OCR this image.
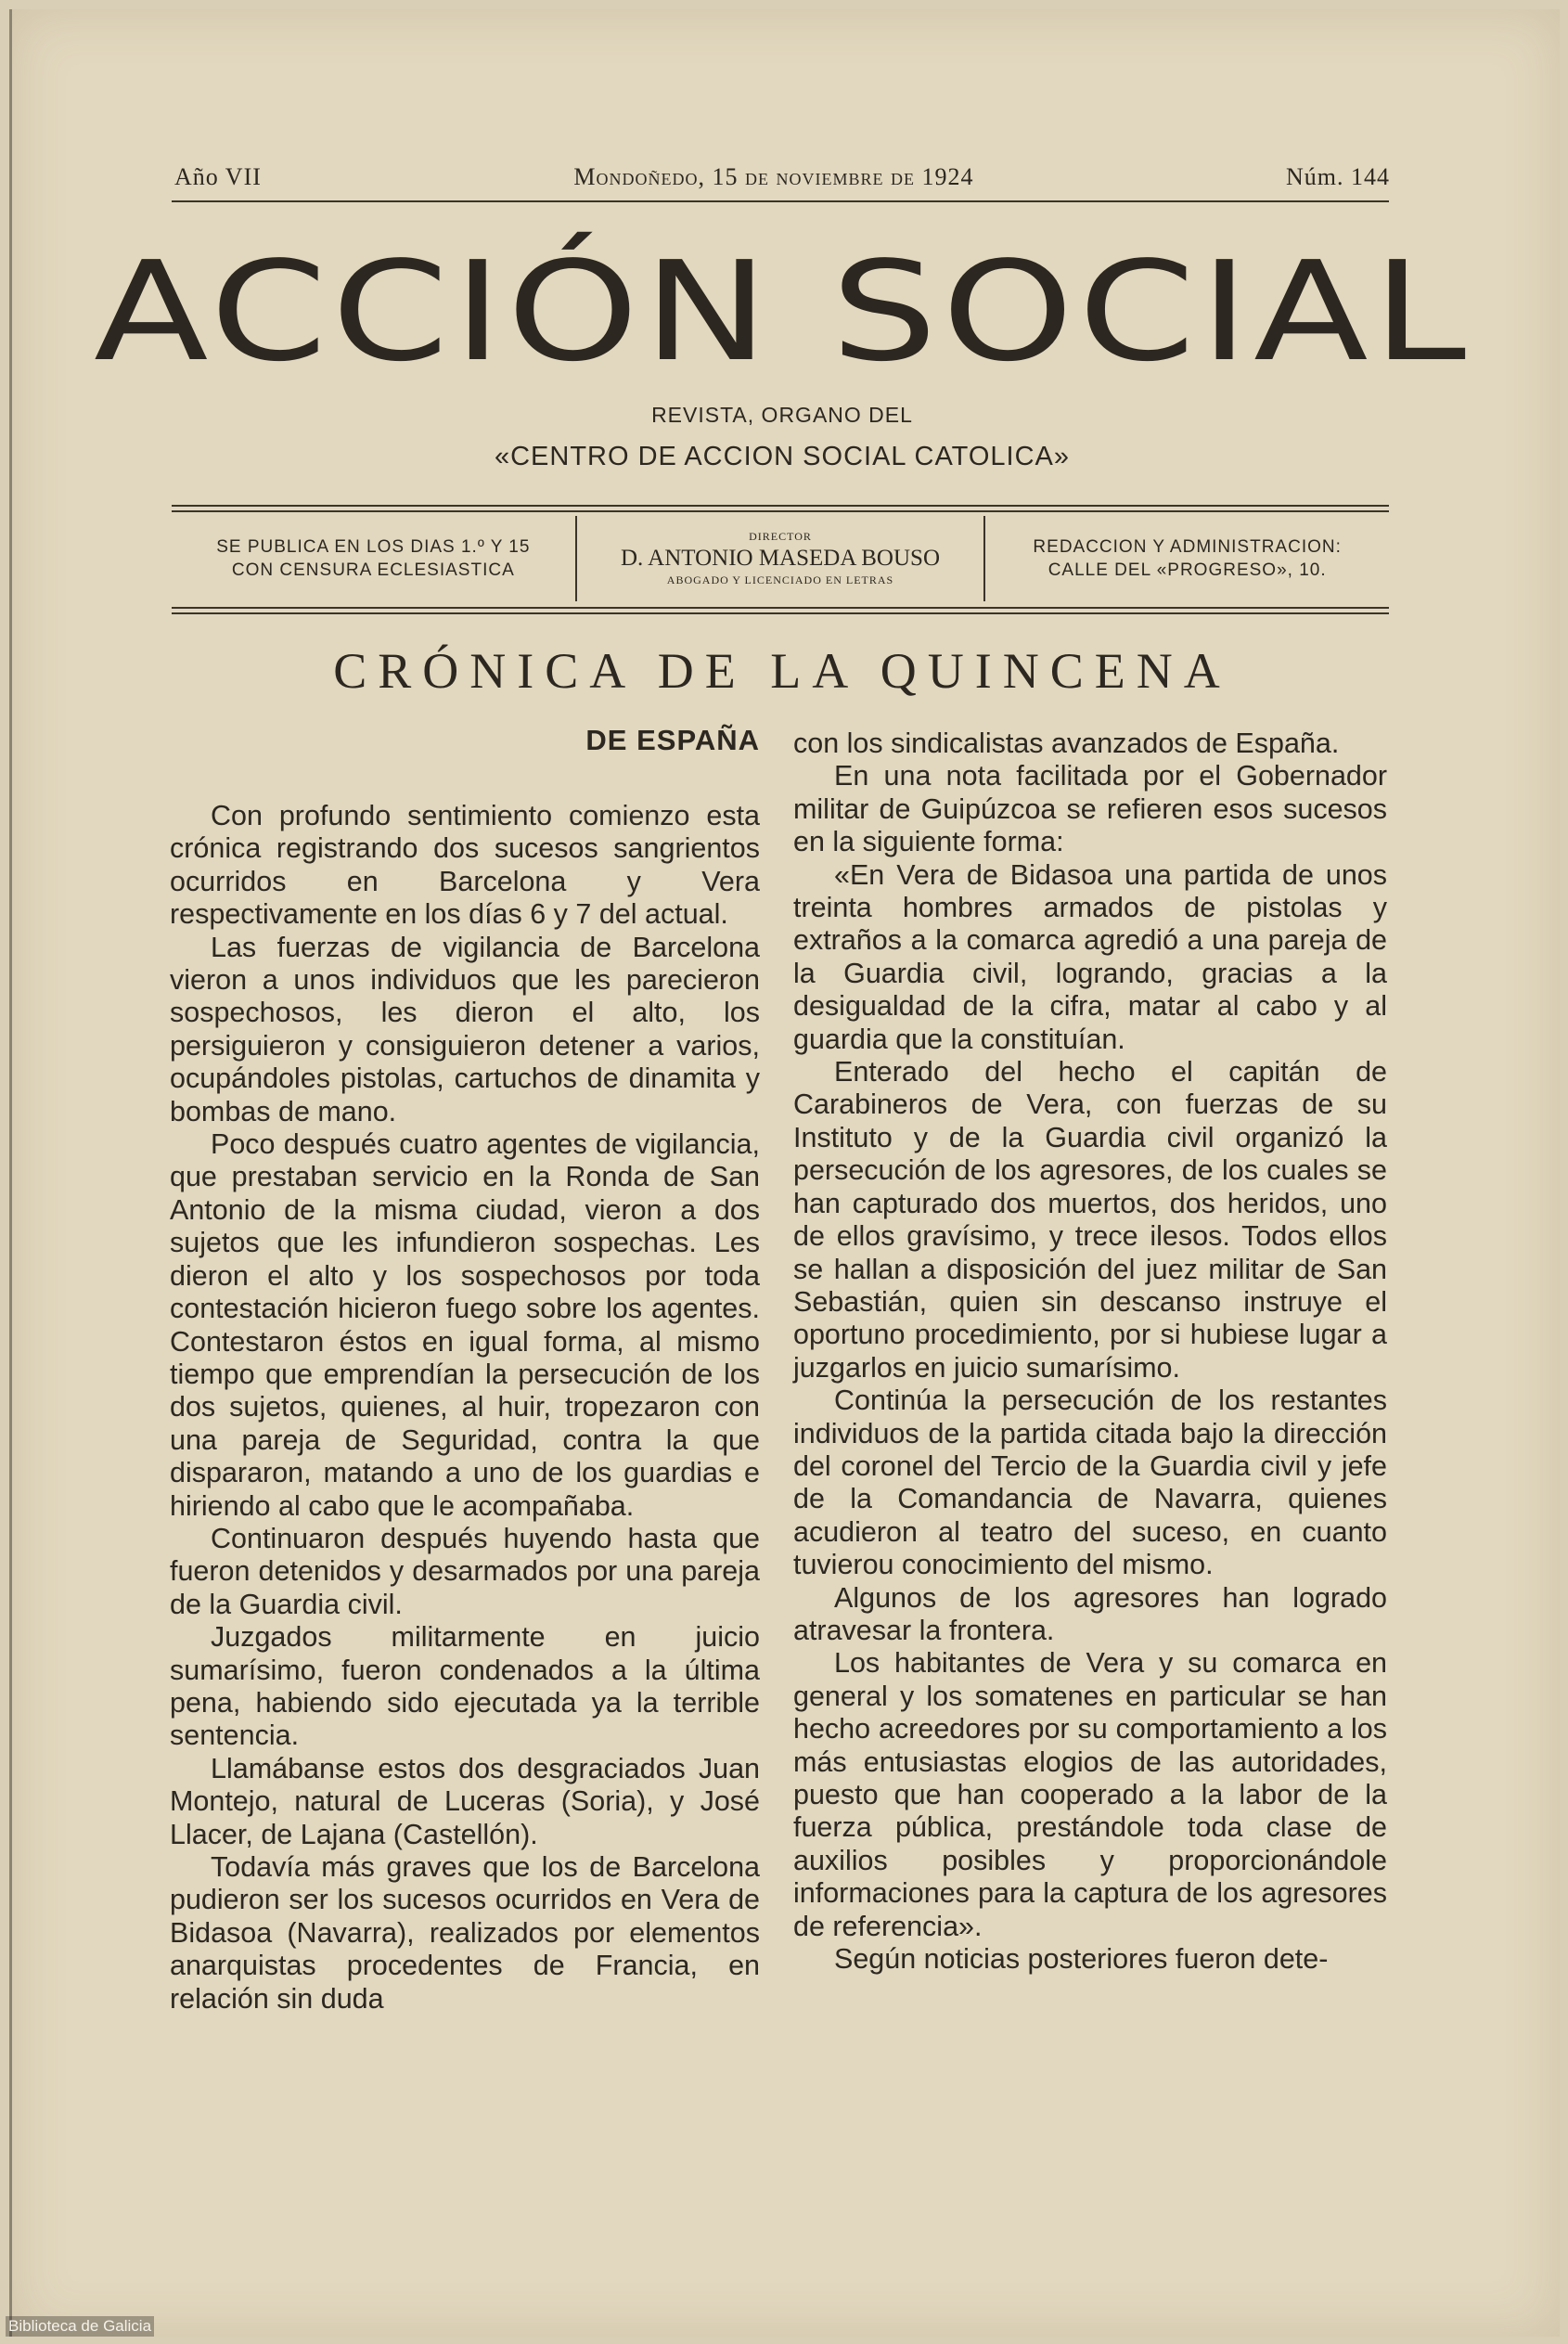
Año VII	Mondoñedo, 15 de noviembre de 1924	Núm. 144
ACCIÓN SOCIAL
REVISTA, ORGANO DEL
«CENTRO DE ACCION SOCIAL CATOLICA»
SE PUBLICA EN LOS DIAS 1.º Y 15
CON CENSURA ECLESIASTICA
DIRECTOR
D. ANTONIO MASEDA BOUSO
ABOGADO Y LICENCIADO EN LETRAS
REDACCION Y ADMINISTRACION:
CALLE DEL «PROGRESO», 10.
CRÓNICA DE LA QUINCENA
DE ESPAÑA

Con profundo sentimiento comienzo esta crónica registrando dos sucesos sangrientos ocurridos en Barcelona y Vera respectivamente en los días 6 y 7 del actual.

Las fuerzas de vigilancia de Barcelona vieron a unos individuos que les parecieron sospechosos, les dieron el alto, los persiguieron y consiguieron detener a varios, ocupándoles pistolas, cartuchos de dinamita y bombas de mano.

Poco después cuatro agentes de vigilancia, que prestaban servicio en la Ronda de San Antonio de la misma ciudad, vieron a dos sujetos que les infundieron sospechas. Les dieron el alto y los sospechosos por toda contestación hicieron fuego sobre los agentes. Contestaron éstos en igual forma, al mismo tiempo que emprendían la persecución de los dos sujetos, quienes, al huir, tropezaron con una pareja de Seguridad, contra la que dispararon, matando a uno de los guardias e hiriendo al cabo que le acompañaba.

Continuaron después huyendo hasta que fueron detenidos y desarmados por una pareja de la Guardia civil.

Juzgados militarmente en juicio sumarísimo, fueron condenados a la última pena, habiendo sido ejecutada ya la terrible sentencia.

Llamábanse estos dos desgraciados Juan Montejo, natural de Luceras (Soria), y José Llacer, de Lajana (Castellón).

Todavía más graves que los de Barcelona pudieron ser los sucesos ocurridos en Vera de Bidasoa (Navarra), realizados por elementos anarquistas procedentes de Francia, en relación sin duda

con los sindicalistas avanzados de España.

En una nota facilitada por el Gobernador militar de Guipúzcoa se refieren esos sucesos en la siguiente forma:

«En Vera de Bidasoa una partida de unos treinta hombres armados de pistolas y extraños a la comarca agredió a una pareja de la Guardia civil, logrando, gracias a la desigualdad de la cifra, matar al cabo y al guardia que la constituían.

Enterado del hecho el capitán de Carabineros de Vera, con fuerzas de su Instituto y de la Guardia civil organizó la persecución de los agresores, de los cuales se han capturado dos muertos, dos heridos, uno de ellos gravísimo, y trece ilesos. Todos ellos se hallan a disposición del juez militar de San Sebastián, quien sin descanso instruye el oportuno procedimiento, por si hubiese lugar a juzgarlos en juicio sumarísimo.

Continúa la persecución de los restantes individuos de la partida citada bajo la dirección del coronel del Tercio de la Guardia civil y jefe de la Comandancia de Navarra, quienes acudieron al teatro del suceso, en cuanto tuvierou conocimiento del mismo.

Algunos de los agresores han logrado atravesar la frontera.

Los habitantes de Vera y su comarca en general y los somatenes en particular se han hecho acreedores por su comportamiento a los más entusiastas elogios de las autoridades, puesto que han cooperado a la labor de la fuerza pública, prestándole toda clase de auxilios posibles y proporcionándole informaciones para la captura de los agresores de referencia».

Según noticias posteriores fueron dete-

Biblioteca de Galicia
